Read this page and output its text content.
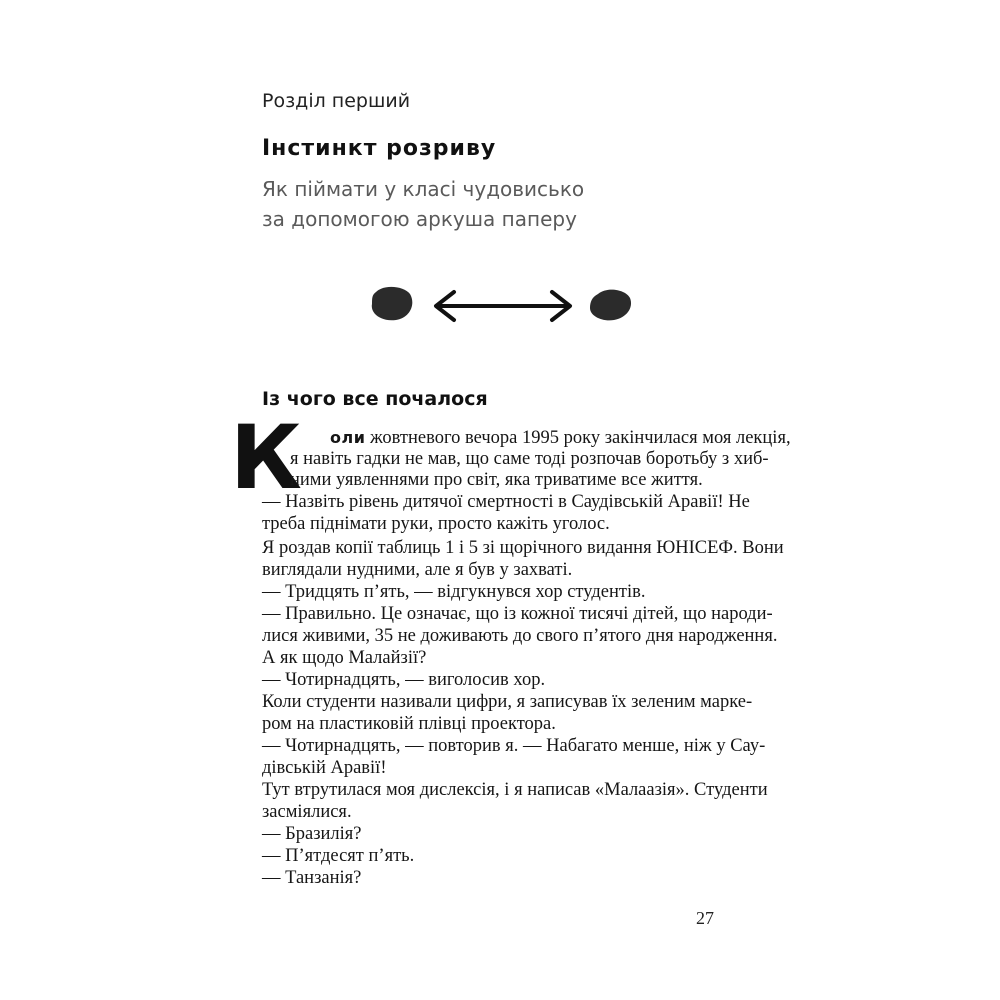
Розділ перший
Інстинкт розриву
Як піймати у класі чудовисько
за допомогою аркуша паперу
Із чого все почалося
К оли жовтневого вечора 1995 року закінчилася моя лекція,
я навіть гадки не мав, що саме тоді розпочав боротьбу з хиб-
ними уявленнями про світ, яка триватиме все життя.
— Назвіть рівень дитячої смертності в Саудівській Аравії! Не
треба піднімати руки, просто кажіть уголос.
Я роздав копії таблиць 1 і 5 зі щорічного видання ЮНІСЕФ. Вони
виглядали нудними, але я був у захваті.
— Тридцять п’ять, — відгукнувся хор студентів.
— Правильно. Це означає, що із кожної тисячі дітей, що народи-
лися живими, 35 не доживають до свого п’ятого дня народження.
А як щодо Малайзії?
— Чотирнадцять, — виголосив хор.
Коли студенти називали цифри, я записував їх зеленим марке-
ром на пластиковій плівці проектора.
— Чотирнадцять, — повторив я. — Набагато менше, ніж у Сау-
дівській Аравії!
Тут втрутилася моя дислексія, і я написав «Малаазія». Студенти
засміялися.
— Бразилія?
— П’ятдесят п’ять.
— Танзанія?
27
